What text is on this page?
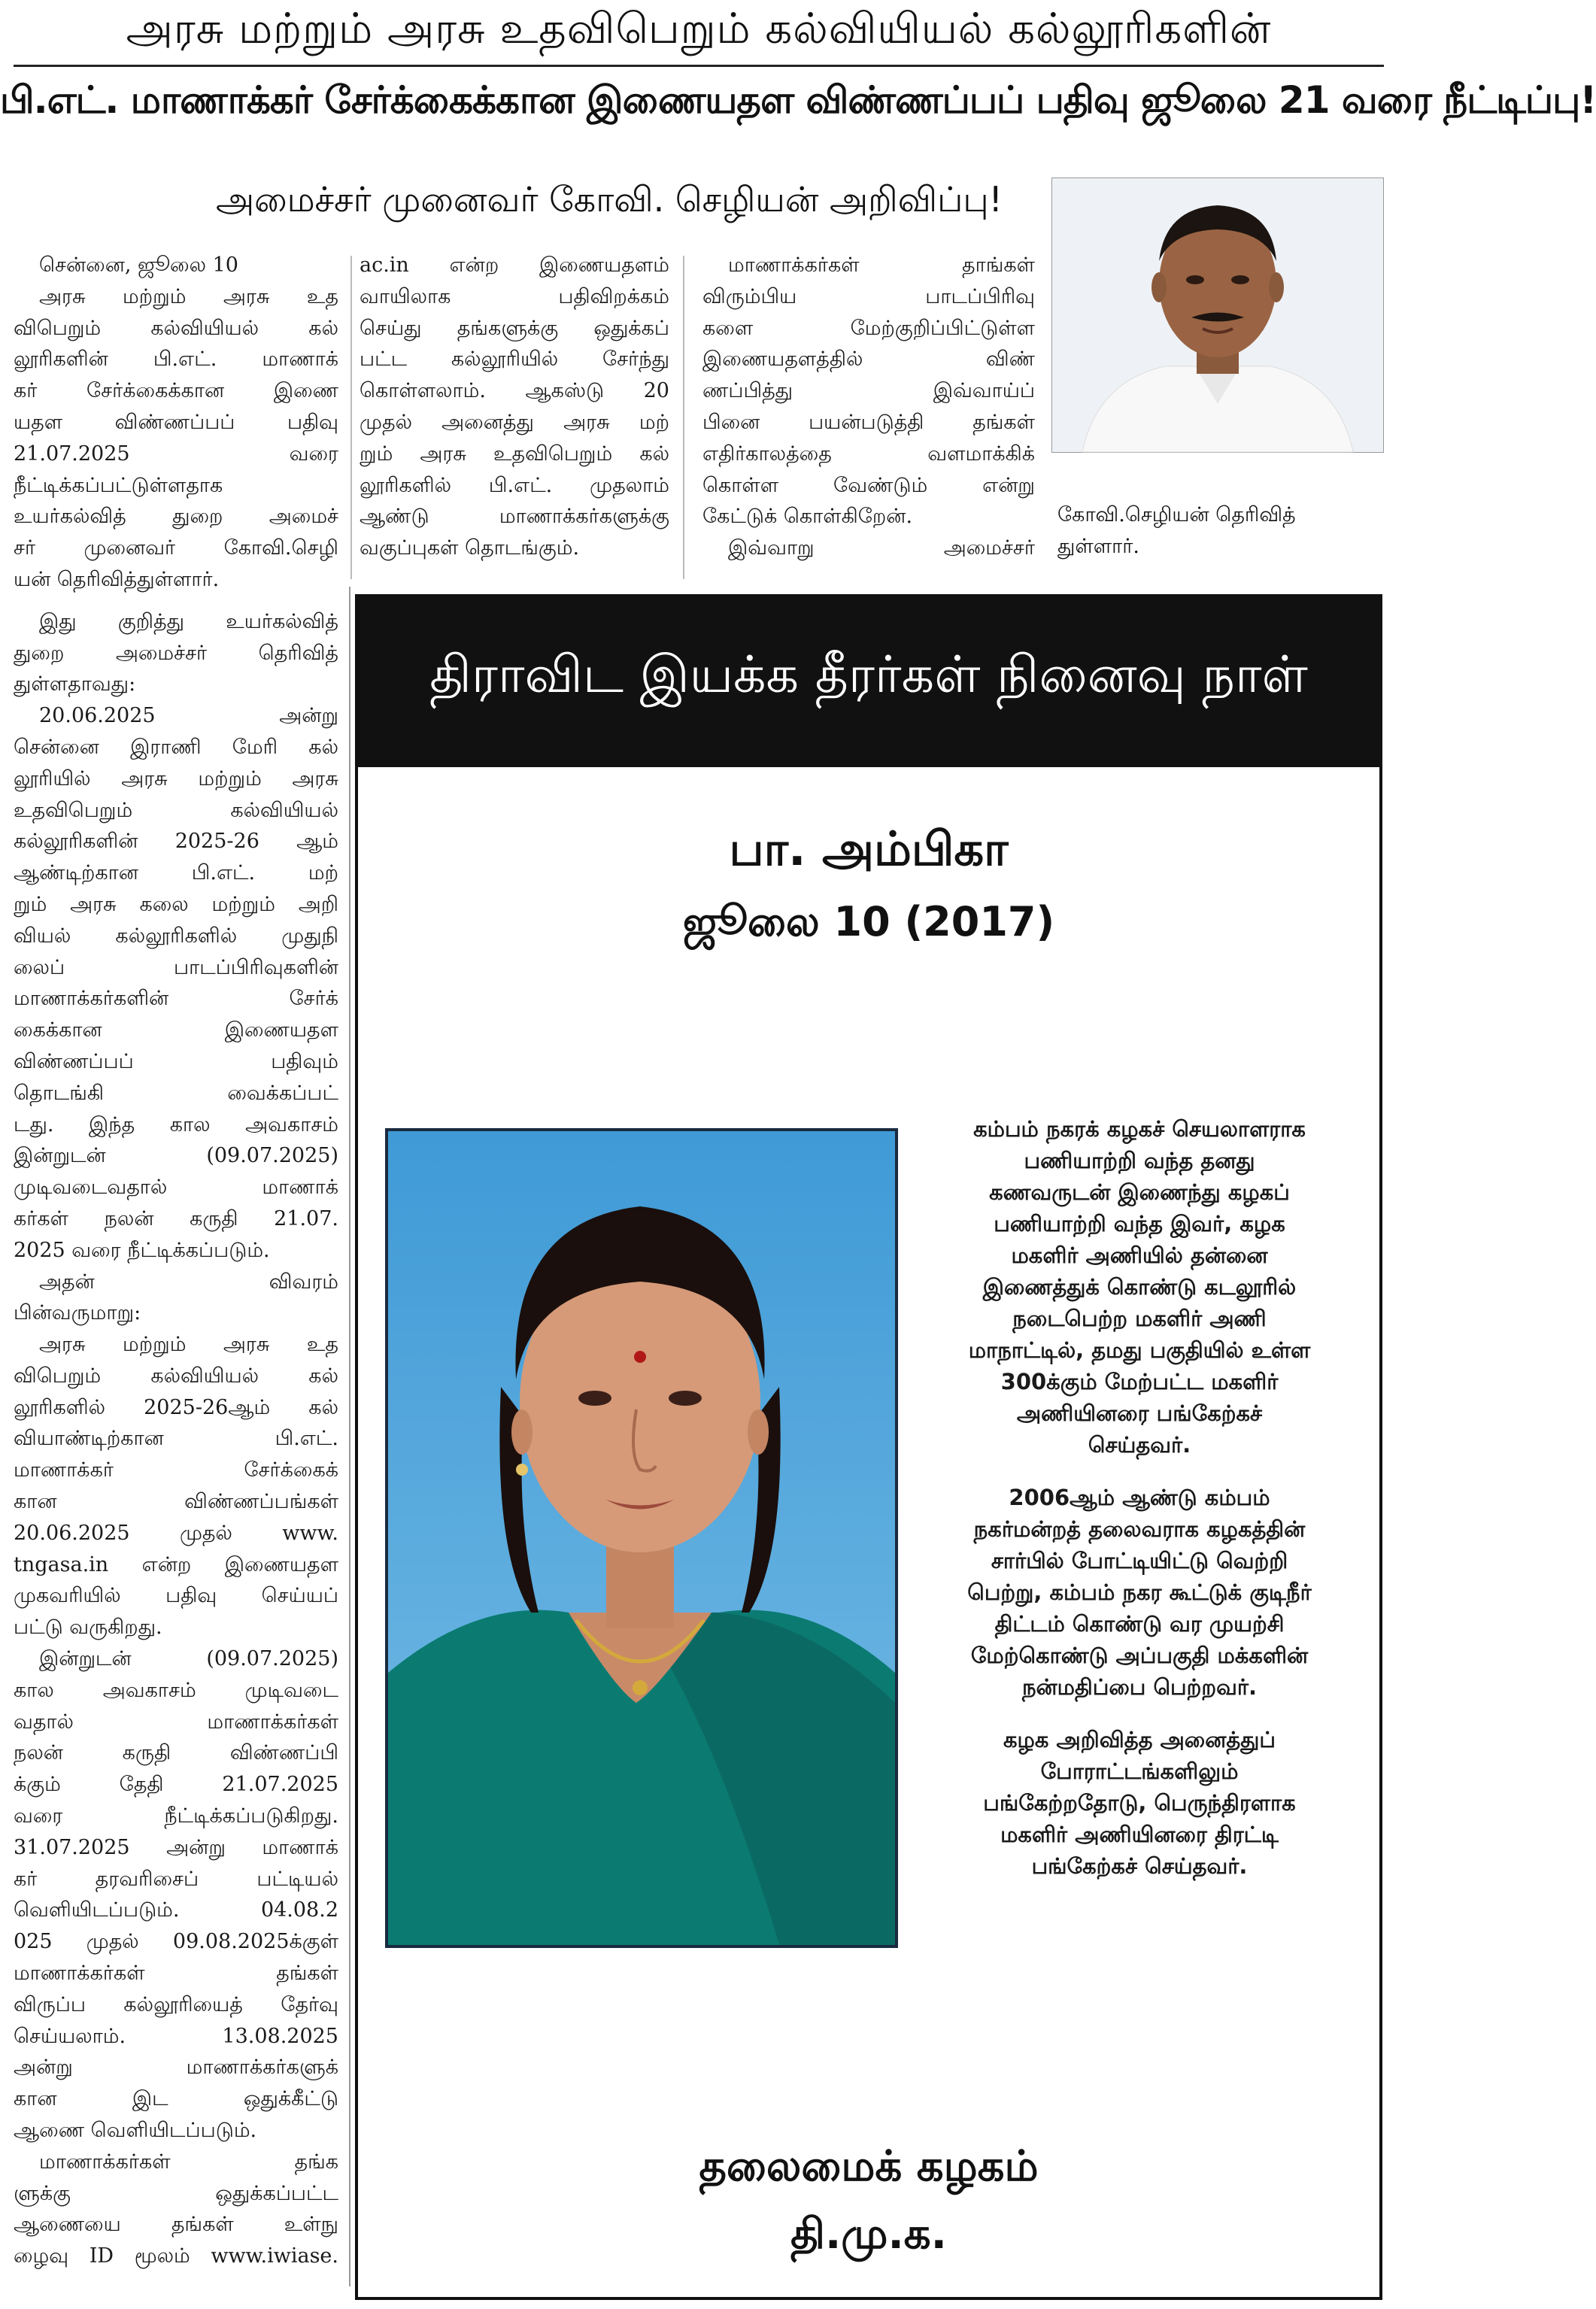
அரசு மற்றும் அரசு உதவிபெறும் கல்வியியல் கல்லூரிகளின்
பி.எட். மாணாக்கர் சேர்க்கைக்கான இணையதள விண்ணப்பப் பதிவு ஜூலை 21 வரை நீட்டிப்பு!
அமைச்சர் முனைவர் கோவி. செழியன் அறிவிப்பு!

சென்னை, ஜூலை 10

அரசு மற்றும் அரசு உத

விபெறும் கல்வியியல் கல்

லூரிகளின் பி.எட். மாணாக்

கர் சேர்க்கைக்கான இணை

யதள விண்ணப்பப் பதிவு

21.07.2025 வரை

நீட்டிக்கப்பட்டுள்ளதாக

உயர்கல்வித் துறை அமைச்

சர் முனைவர் கோவி.செழி

யன் தெரிவித்துள்ளார்.

இது குறித்து உயர்கல்வித்

துறை அமைச்சர் தெரிவித்

துள்ளதாவது:

20.06.2025 அன்று

சென்னை இராணி மேரி கல்

லூரியில் அரசு மற்றும் அரசு

உதவிபெறும் கல்வியியல்

கல்லூரிகளின் 2025-26 ஆம்

ஆண்டிற்கான பி.எட். மற்

றும் அரசு கலை மற்றும் அறி

வியல் கல்லூரிகளில் முதுநி

லைப் பாடப்பிரிவுகளின்

மாணாக்கர்களின் சேர்க்

கைக்கான இணையதள

விண்ணப்பப் பதிவும்

தொடங்கி வைக்கப்பட்

டது. இந்த கால அவகாசம்

இன்றுடன் (09.07.2025)

முடிவடைவதால் மாணாக்

கர்கள் நலன் கருதி 21.07.

2025 வரை நீட்டிக்கப்படும்.

அதன் விவரம்

பின்வருமாறு:

அரசு மற்றும் அரசு உத

விபெறும் கல்வியியல் கல்

லூரிகளில் 2025-26ஆம் கல்

வியாண்டிற்கான பி.எட்.

மாணாக்கர் சேர்க்கைக்

கான விண்ணப்பங்கள்

20.06.2025 முதல் www.

tngasa.in என்ற இணையதள

முகவரியில் பதிவு செய்யப்

பட்டு வருகிறது.

இன்றுடன் (09.07.2025)

கால அவகாசம் முடிவடை

வதால் மாணாக்கர்கள்

நலன் கருதி விண்ணப்பி

க்கும் தேதி 21.07.2025

வரை நீட்டிக்கப்படுகிறது.

31.07.2025 அன்று மாணாக்

கர் தரவரிசைப் பட்டியல்

வெளியிடப்படும். 04.08.2

025 முதல் 09.08.2025க்குள்

மாணாக்கர்கள் தங்கள்

விருப்ப கல்லூரியைத் தேர்வு

செய்யலாம். 13.08.2025

அன்று மாணாக்கர்களுக்

கான இட ஒதுக்கீட்டு

ஆணை வெளியிடப்படும்.

மாணாக்கர்கள் தங்க

ளுக்கு ஒதுக்கப்பட்ட

ஆணையை தங்கள் உள்நு

ழைவு ID மூலம் www.iwiase.

ac.in என்ற இணையதளம்

வாயிலாக பதிவிறக்கம்

செய்து தங்களுக்கு ஒதுக்கப்

பட்ட கல்லூரியில் சேர்ந்து

கொள்ளலாம். ஆகஸ்டு 20

முதல் அனைத்து அரசு மற்

றும் அரசு உதவிபெறும் கல்

லூரிகளில் பி.எட். முதலாம்

ஆண்டு மாணாக்கர்களுக்கு

வகுப்புகள் தொடங்கும்.

மாணாக்கர்கள் தாங்கள்

விரும்பிய பாடப்பிரிவு

களை மேற்குறிப்பிட்டுள்ள

இணையதளத்தில் விண்

ணப்பித்து இவ்வாய்ப்

பினை பயன்படுத்தி தங்கள்

எதிர்காலத்தை வளமாக்கிக்

கொள்ள வேண்டும் என்று

கேட்டுக் கொள்கிறேன்.

இவ்வாறு அமைச்சர்

கோவி.செழியன் தெரிவித்

துள்ளார்.

திராவிட இயக்க தீரர்கள் நினைவு நாள்
பா. அம்பிகா
ஜூலை 10 (2017)

கம்பம் நகரக் கழகச் செயலாளராக
பணியாற்றி வந்த தனது
கணவருடன் இணைந்து கழகப்
பணியாற்றி வந்த இவர், கழக
மகளிர் அணியில் தன்னை
இணைத்துக் கொண்டு கடலூரில்
நடைபெற்ற மகளிர் அணி
மாநாட்டில், தமது பகுதியில் உள்ள
300க்கும் மேற்பட்ட மகளிர்
அணியினரை பங்கேற்கச்
செய்தவர்.

2006ஆம் ஆண்டு கம்பம்
நகர்மன்றத் தலைவராக கழகத்தின்
சார்பில் போட்டியிட்டு வெற்றி
பெற்று, கம்பம் நகர கூட்டுக் குடிநீர்
திட்டம் கொண்டு வர முயற்சி
மேற்கொண்டு அப்பகுதி மக்களின்
நன்மதிப்பை பெற்றவர்.

கழக அறிவித்த அனைத்துப்
போராட்டங்களிலும்
பங்கேற்றதோடு, பெருந்திரளாக
மகளிர் அணியினரை திரட்டி
பங்கேற்கச் செய்தவர்.

தலைமைக் கழகம்
தி.மு.க.
